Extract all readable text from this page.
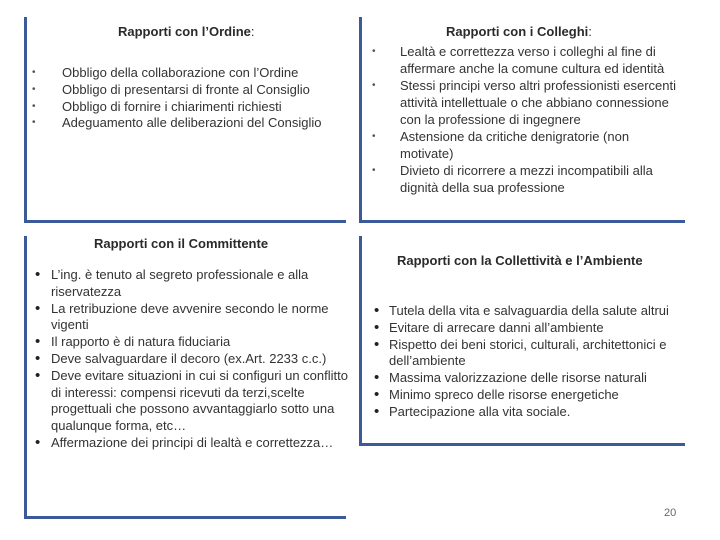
Rapporti con l’Ordine:
• Obbligo della collaborazione con l’Ordine
• Obbligo di presentarsi di fronte al Consiglio
• Obbligo di fornire i chiarimenti richiesti
• Adeguamento alle deliberazioni del Consiglio
Rapporti con i Colleghi:
• Lealtà e correttezza verso i colleghi al fine di affermare anche la comune cultura ed identità
• Stessi principi verso altri professionisti esercenti attività intellettuale o che abbiano connessione con la professione di ingegnere
• Astensione da critiche denigratorie (non motivate)
• Divieto di ricorrere a mezzi incompatibili alla dignità della sua professione
Rapporti con il Committente
• L’ing. è tenuto al segreto professionale e alla riservatezza
• La retribuzione deve avvenire secondo le norme vigenti
• Il rapporto è di natura fiduciaria
• Deve salvaguardare il decoro (ex.Art. 2233 c.c.)
• Deve evitare situazioni in cui si configuri un conflitto di interessi: compensi ricevuti da terzi,scelte progettuali che possono avvantaggiarlo sotto una qualunque forma, etc…
• Affermazione dei principi di lealtà e correttezza…
Rapporti con la Collettività e l’Ambiente
• Tutela della vita e salvaguardia della salute altrui
• Evitare di arrecare danni all’ambiente
• Rispetto dei beni storici, culturali, architettonici e dell’ambiente
• Massima valorizzazione delle risorse naturali
• Minimo spreco delle risorse energetiche
• Partecipazione alla vita sociale.
20
